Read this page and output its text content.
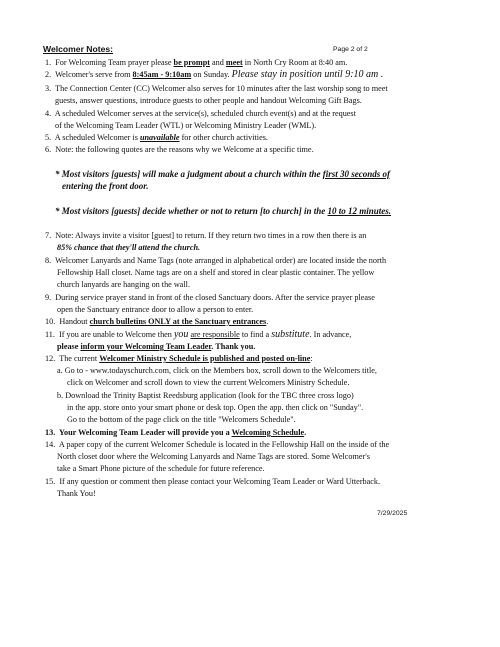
Welcomer Notes:	Page 2 of 2
1. For Welcoming Team prayer please be prompt and meet in North Cry Room at 8:40 am.
2. Welcomer's serve from 8:45am - 9:10am on Sunday. Please stay in position until 9:10 am .
3. The Connection Center (CC) Welcomer also serves for 10 minutes after the last worship song to meet
guests, answer questions, introduce guests to other people and handout Welcoming Gift Bags.
4. A scheduled Welcomer serves at the service(s), scheduled church event(s) and at the request
of the Welcoming Team Leader (WTL) or Welcoming Ministry Leader (WML).
5. A scheduled Welcomer is unavailable for other church activities.
6. Note: the following quotes are the reasons why we Welcome at a specific time.
* Most visitors [guests] will make a judgment about a church within the first 30 seconds of
entering the front door.
* Most visitors [guests] decide whether or not to return [to church] in the 10 to 12 minutes.
7. Note: Always invite a visitor [guest] to return. If they return two times in a row then there is an
85% chance that they'll attend the church.
8. Welcomer Lanyards and Name Tags (note arranged in alphabetical order) are located inside the north
Fellowship Hall closet. Name tags are on a shelf and stored in clear plastic container. The yellow
church lanyards are hanging on the wall.
9. During service prayer stand in front of the closed Sanctuary doors. After the service prayer please
open the Sanctuary entrance door to allow a person to enter.
10. Handout church bulletins ONLY at the Sanctuary entrances.
11. If you are unable to Welcome then you are responsible to find a substitute. In advance,
please inform your Welcoming Team Leader. Thank you.
12. The current Welcomer Ministry Schedule is published and posted on-line:
a. Go to - www.todayschurch.com, click on the Members box, scroll down to the Welcomers title,
click on Welcomer and scroll down to view the current Welcomers Ministry Schedule.
b. Download the Trinity Baptist Reedsburg application (look for the TBC three cross logo)
in the app. store onto your smart phone or desk top. Open the app. then click on "Sunday".
Go to the bottom of the page click on the title "Welcomers Schedule".
13. Your Welcoming Team Leader will provide you a Welcoming Schedule.
14. A paper copy of the current Welcomer Schedule is located in the Fellowship Hall on the inside of the
North closet door where the Welcoming Lanyards and Name Tags are stored. Some Welcomer's
take a Smart Phone picture of the schedule for future reference.
15. If any question or comment then please contact your Welcoming Team Leader or Ward Utterback.
Thank You!
7/29/2025
